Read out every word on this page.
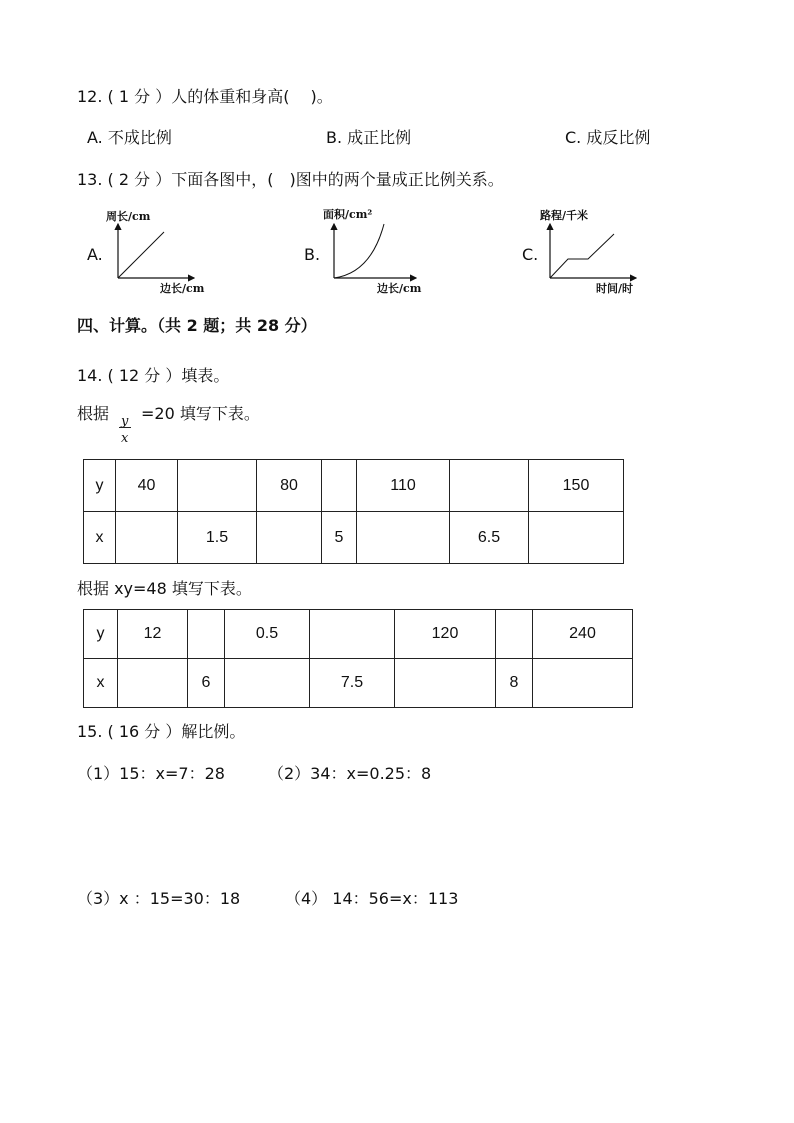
12. ( 1 分 ）人的体重和身高(　 )。
A. 不成比例	B. 成正比例	C. 成反比例
13. ( 2 分 ）下面各图中，(　)图中的两个量成正比例关系。
A.
周长/cm
边长/cm
B.
面积/cm²
边长/cm
C.
路程/千米
时间/时
四、计算。（共 2 题；共 28 分）
14. ( 12 分 ）填表。
根据 y
x
=20 填写下表。
y	40		80		110		150
x		1.5		5		6.5	
根据 xy=48 填写下表。
y	12		0.5		120		240
x		6		7.5		8	
15. ( 16 分 ）解比例。
（1）15：x=7：28	（2）34：x=0.25：8
（3）x ：15=30：18	（4） 14：56=x：113
